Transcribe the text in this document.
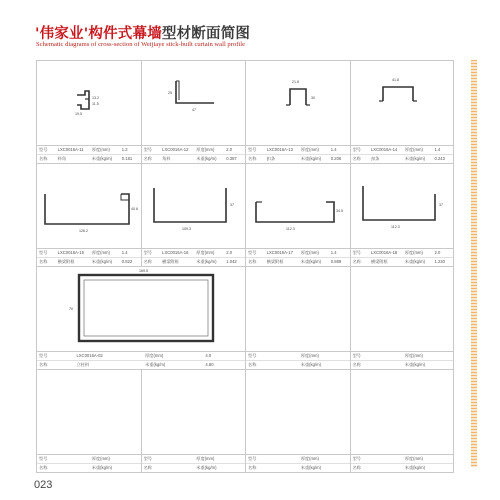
'伟家业'构件式幕墙型材断面简图
Schematic diagrams of cross-section of Weijiaye stick-built curtain wall profile
023
19.5
13.2
11.5
型号	LXC0016A-11	厚度(mm)	1.2
名称	料角	米重(kg/m)	0.181
25
47
型号	LXC0016A-12	厚度(mm)	2.0
名称	角料	米重(kg/m)	0.387
21.8
30
型号	LXC0016A-13	厚度(mm)	1.4
名称	扣条	米重(kg/m)	0.206
41.8
型号	LXC0016A-14	厚度(mm)	1.4
名称	扣条	米重(kg/m)	0.243
126.2
40.6
型号	LXC0016A-15	厚度(mm)	1.4
名称	横梁附框	米重(kg/m)	0.822
109.3
37
型号	LXC0016A-16	厚度(mm)	2.0
名称	横梁附框	米重(kg/m)	1.042
112.3
34.5
型号	LXC0016A-17	厚度(mm)	1.4
名称	横梁附框	米重(kg/m)	0.869
112.3
37
型号	LXC0016A-18	厚度(mm)	2.0
名称	横梁附框	米重(kg/m)	1.230
169.5
70
型号	LXC0016A-02	厚度(mm)	4.0
名称	立柱料	米重(kg/m)	4.80
型号	厚度(mm)
名称	米重(kg/m)
型号	厚度(mm)
名称	米重(kg/m)
型号	厚度(mm)
名称	米重(kg/m)
型号	厚度(mm)
名称	米重(kg/m)
型号	厚度(mm)
名称	米重(kg/m)
型号	厚度(mm)
名称	米重(kg/m)
